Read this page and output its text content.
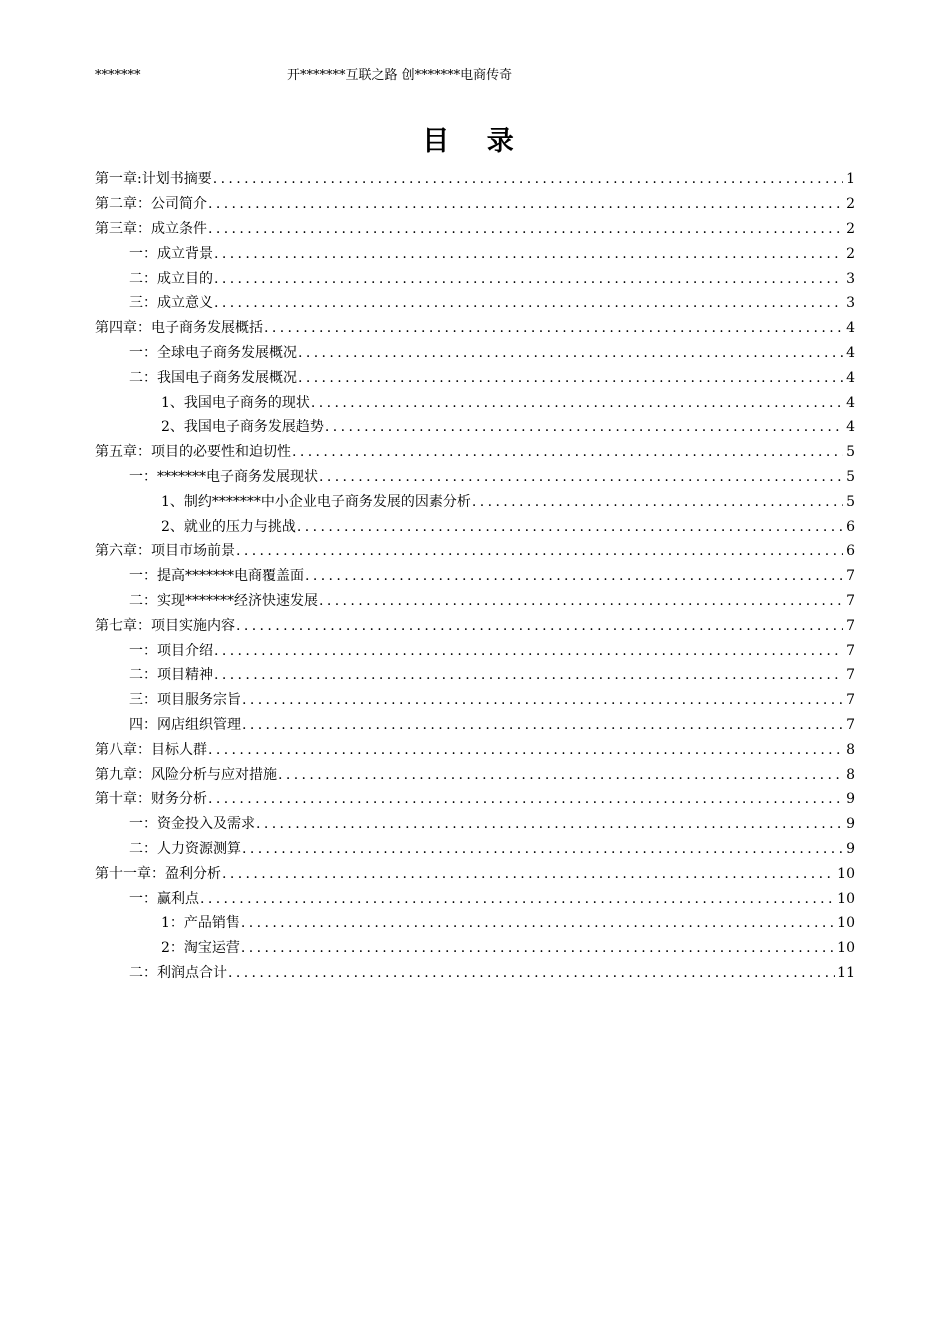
*******	开*******互联之路 创*******电商传奇
目 录
第一章:计划书摘要 .....	1
第二章：公司简介 .....	2
第三章：成立条件 .....	2
一：成立背景 .....	2
二：成立目的 .....	3
三：成立意义 .....	3
第四章：电子商务发展概括 .....	4
一：全球电子商务发展概况 .....	4
二：我国电子商务发展概况 .....	4
1、我国电子商务的现状 .....	4
2、我国电子商务发展趋势 .....	4
第五章：项目的必要性和迫切性 .....	5
一：*******电子商务发展现状 .....	5
1、制约*******中小企业电子商务发展的因素分析 .....	5
2、就业的压力与挑战 .....	6
第六章：项目市场前景 .....	6
一：提高*******电商覆盖面 .....	7
二：实现*******经济快速发展 .....	7
第七章：项目实施内容 .....	7
一：项目介绍 .....	7
二：项目精神 .....	7
三：项目服务宗旨 .....	7
四：网店组织管理 .....	7
第八章：目标人群 .....	8
第九章：风险分析与应对措施 .....	8
第十章：财务分析 .....	9
一：资金投入及需求 .....	9
二：人力资源测算 .....	9
第十一章：盈利分析 .....	10
一：赢利点 .....	10
1：产品销售 .....	10
2：淘宝运营 .....	10
二：利润点合计 .....	11
